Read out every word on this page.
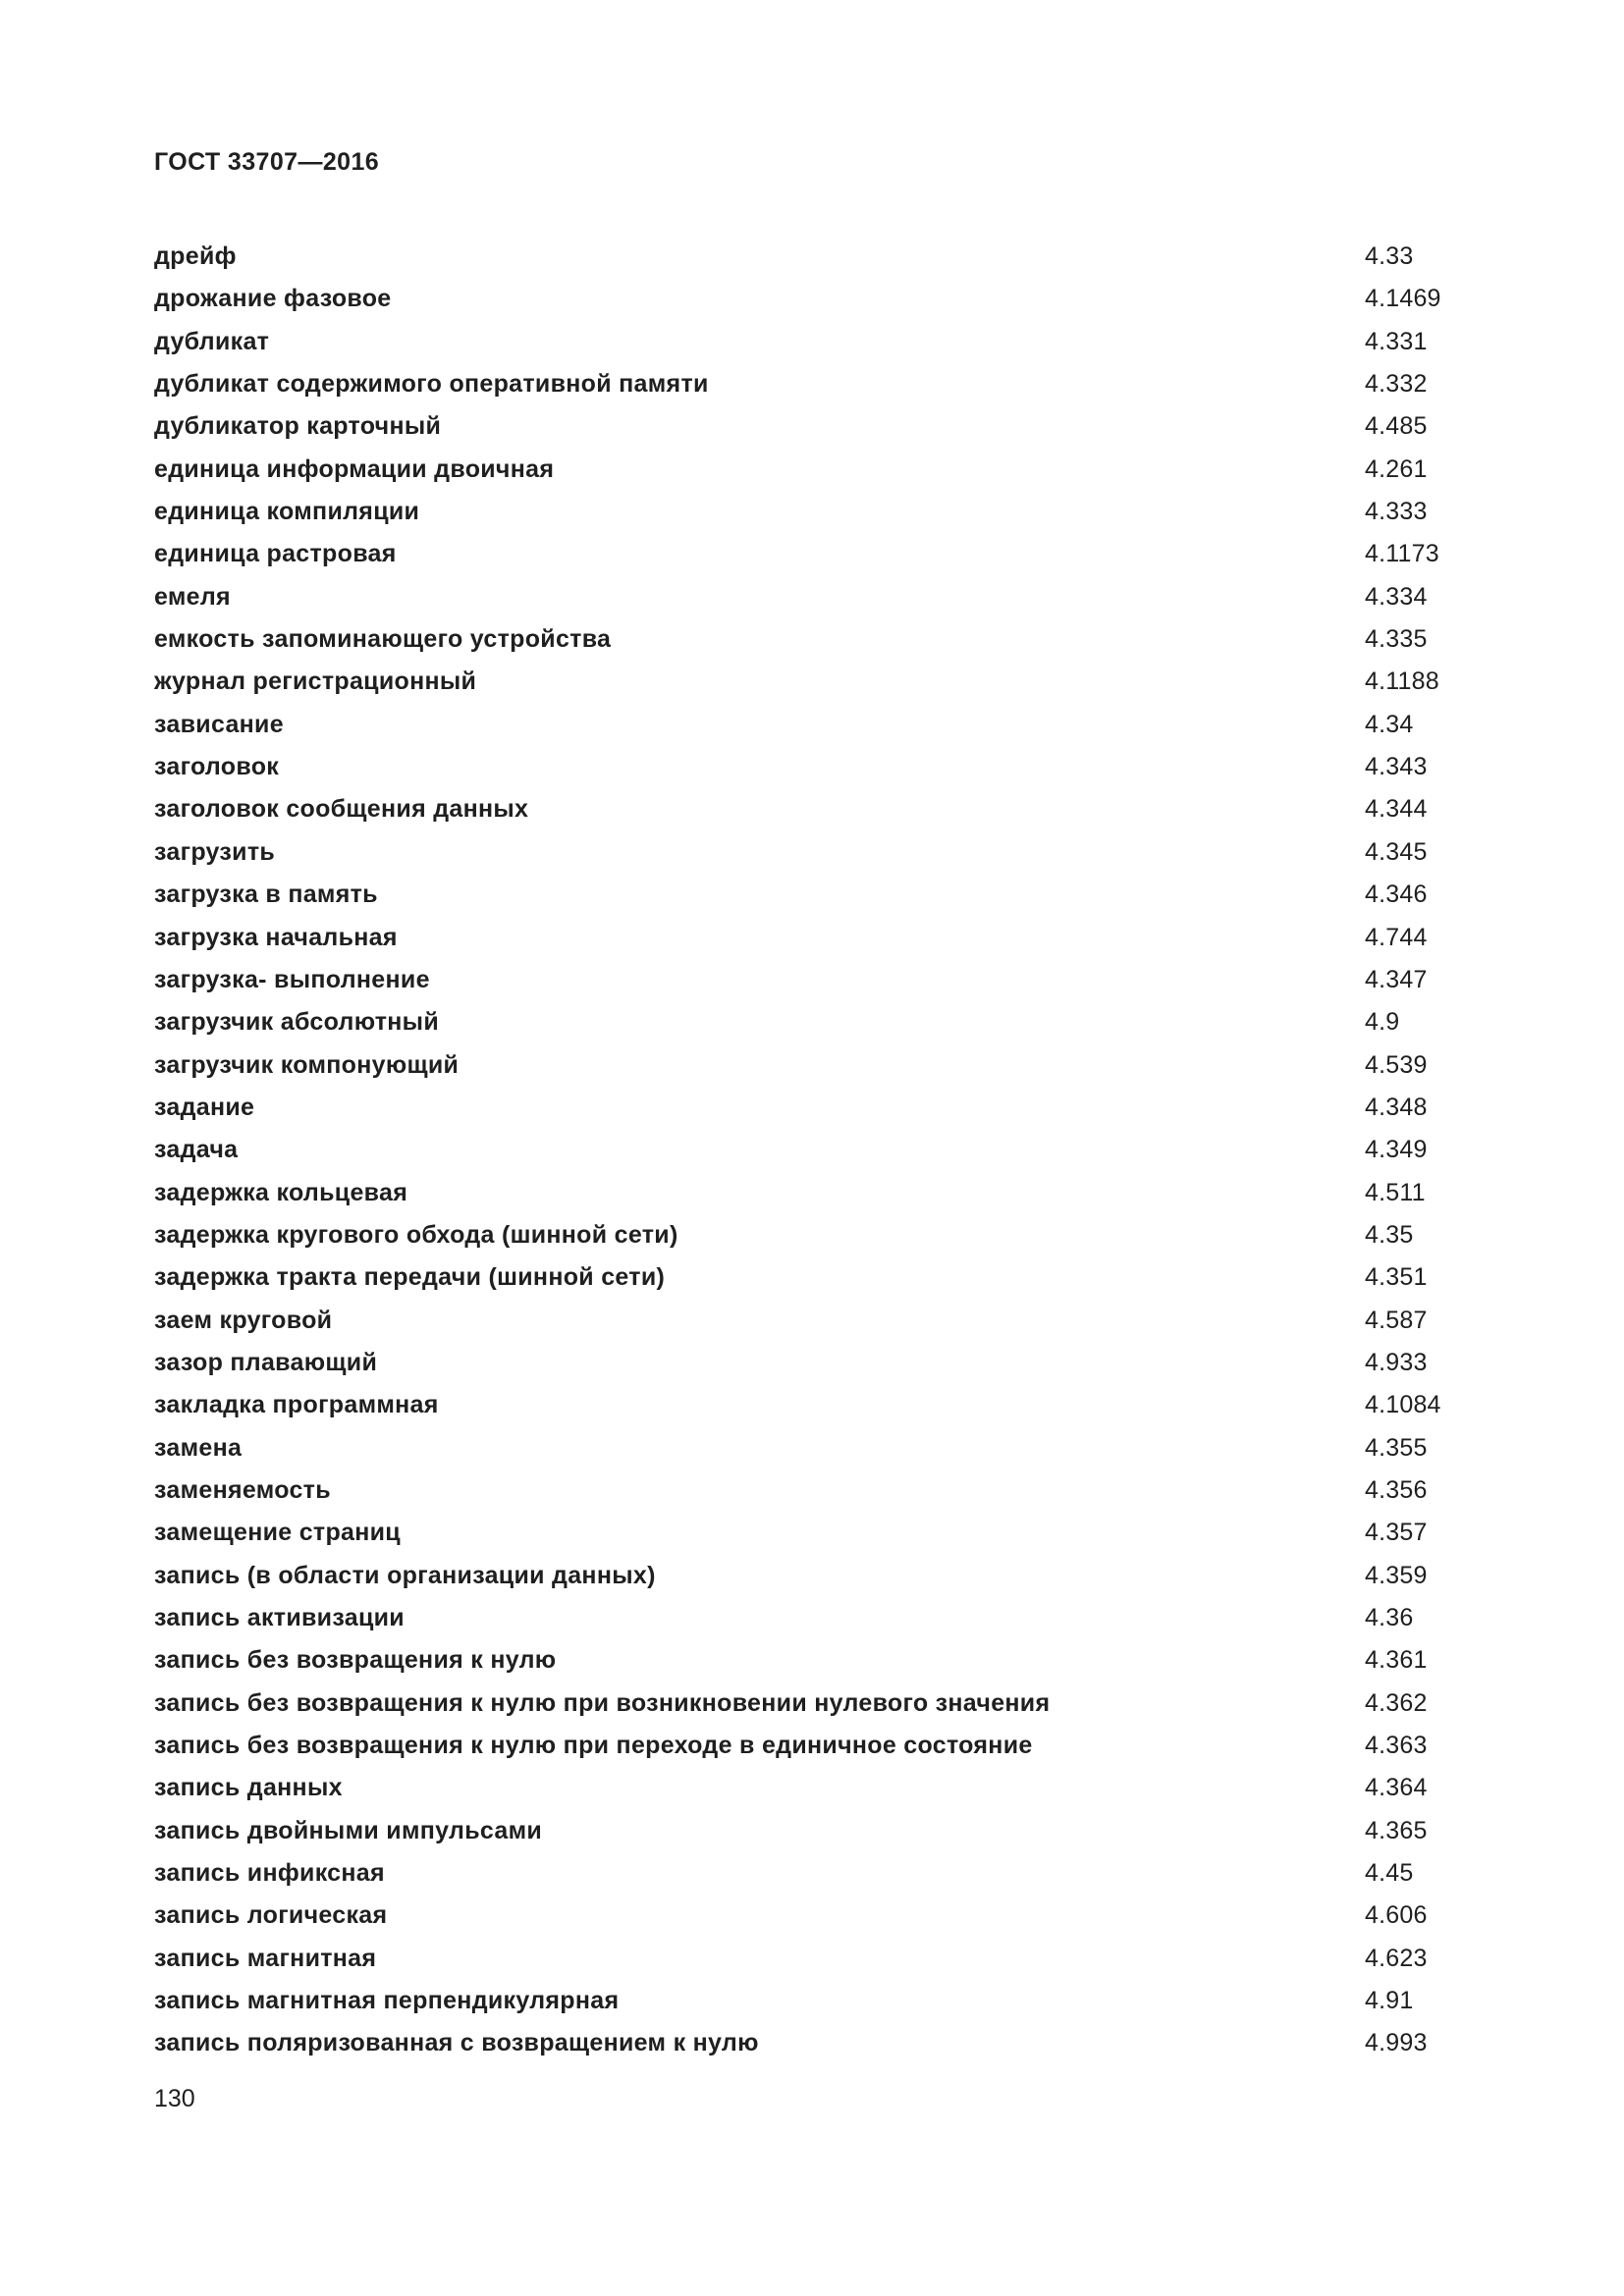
ГОСТ 33707—2016
дрейф	4.33
дрожание фазовое	4.1469
дубликат	4.331
дубликат содержимого оперативной памяти	4.332
дубликатор карточный	4.485
единица информации двоичная	4.261
единица компиляции	4.333
единица растровая	4.1173
емеля	4.334
емкость запоминающего устройства	4.335
журнал регистрационный	4.1188
зависание	4.34
заголовок	4.343
заголовок сообщения данных	4.344
загрузить	4.345
загрузка в память	4.346
загрузка начальная	4.744
загрузка- выполнение	4.347
загрузчик абсолютный	4.9
загрузчик компонующий	4.539
задание	4.348
задача	4.349
задержка кольцевая	4.511
задержка кругового обхода (шинной сети)	4.35
задержка тракта передачи (шинной сети)	4.351
заем круговой	4.587
зазор плавающий	4.933
закладка программная	4.1084
замена	4.355
заменяемость	4.356
замещение страниц	4.357
запись (в области организации данных)	4.359
запись активизации	4.36
запись без возвращения к нулю	4.361
запись без возвращения к нулю при возникновении нулевого значения	4.362
запись без возвращения к нулю при переходе в единичное состояние	4.363
запись данных	4.364
запись двойными импульсами	4.365
запись инфиксная	4.45
запись логическая	4.606
запись магнитная	4.623
запись магнитная перпендикулярная	4.91
запись поляризованная с возвращением к нулю	4.993
130
